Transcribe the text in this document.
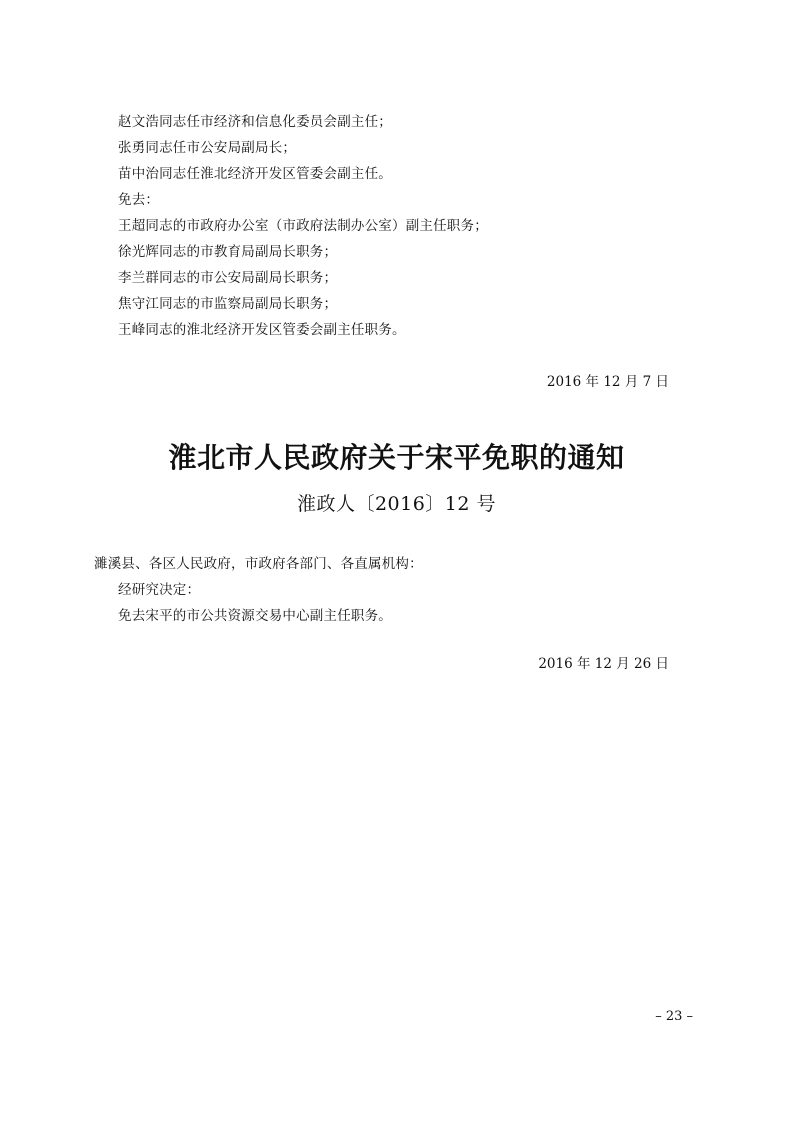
赵文浩同志任市经济和信息化委员会副主任；
张勇同志任市公安局副局长；
苗中治同志任淮北经济开发区管委会副主任。
免去：
王超同志的市政府办公室（市政府法制办公室）副主任职务；
徐光辉同志的市教育局副局长职务；
李兰群同志的市公安局副局长职务；
焦守江同志的市监察局副局长职务；
王峰同志的淮北经济开发区管委会副主任职务。
2016 年 12 月 7 日
淮北市人民政府关于宋平免职的通知
淮政人〔2016〕12 号
濉溪县、各区人民政府，市政府各部门、各直属机构：
经研究决定：
免去宋平的市公共资源交易中心副主任职务。
2016 年 12 月 26 日
– 23 –
